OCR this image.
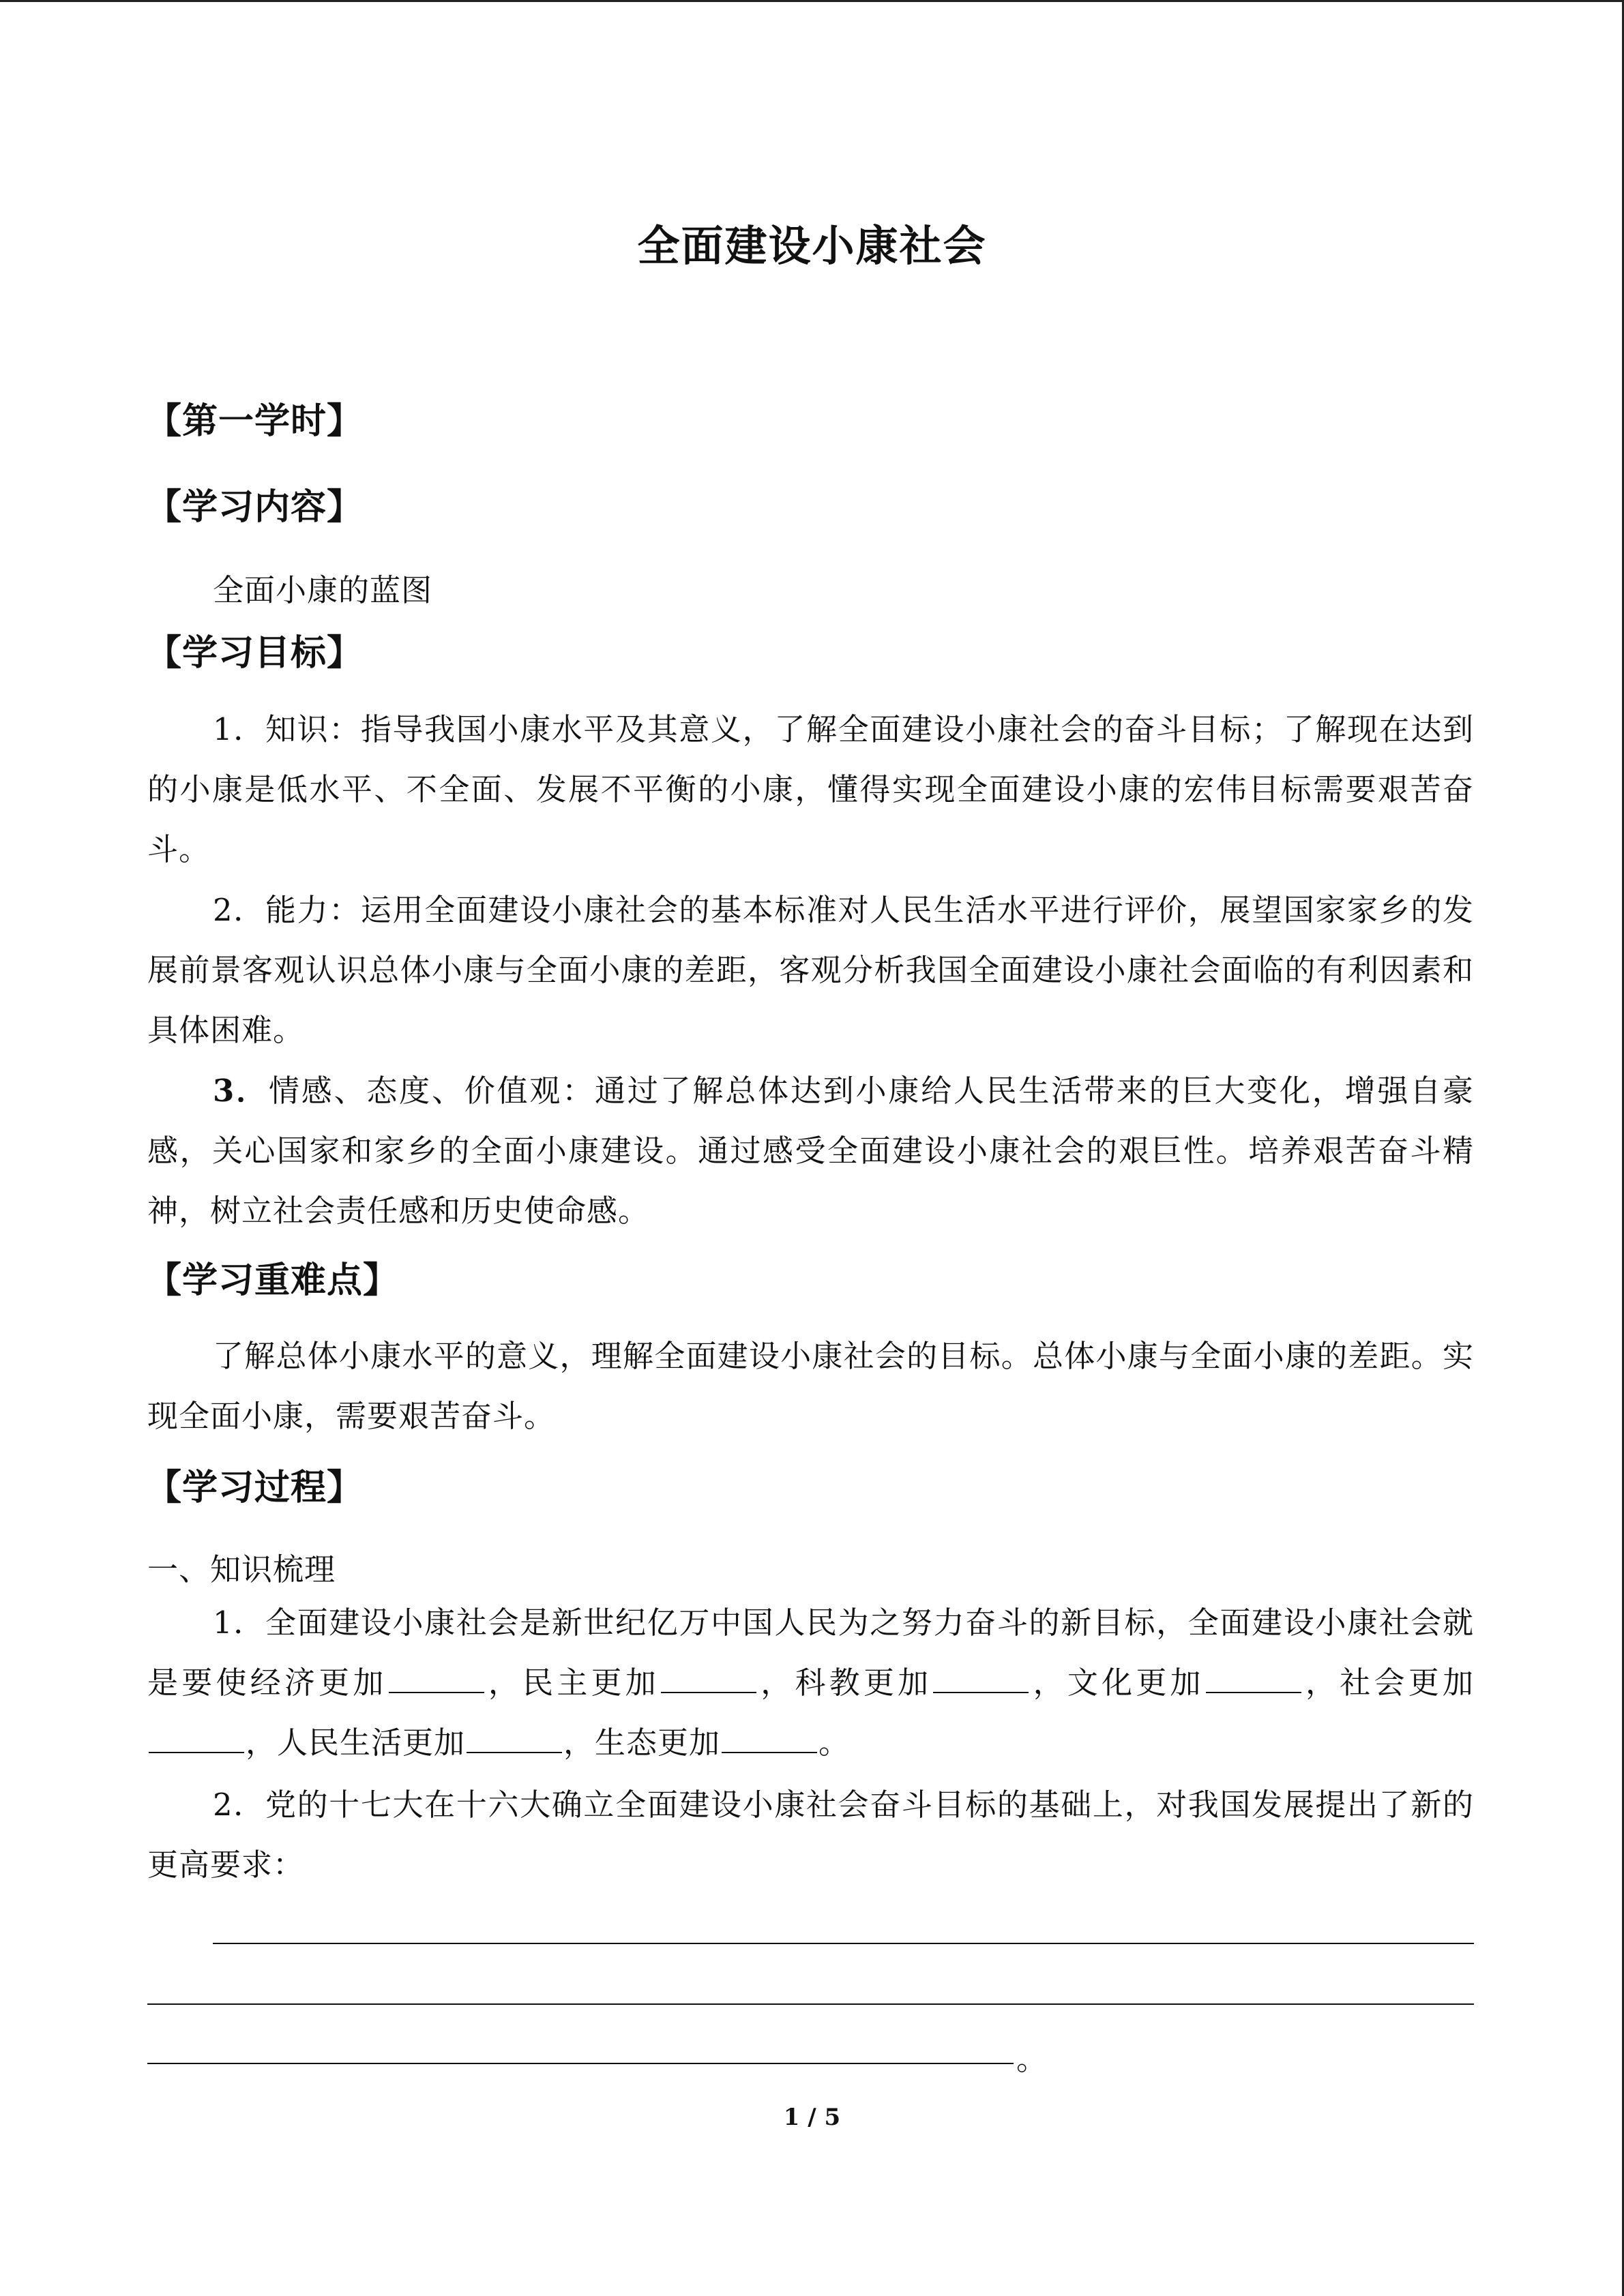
全面建设小康社会
【第一学时】
【学习内容】
全面小康的蓝图
【学习目标】
1．知识：指导我国小康水平及其意义，了解全面建设小康社会的奋斗目标；了解现在达到的小康是低水平、不全面、发展不平衡的小康，懂得实现全面建设小康的宏伟目标需要艰苦奋斗。
2．能力：运用全面建设小康社会的基本标准对人民生活水平进行评价，展望国家家乡的发展前景客观认识总体小康与全面小康的差距，客观分析我国全面建设小康社会面临的有利因素和具体困难。
3．情感、态度、价值观：通过了解总体达到小康给人民生活带来的巨大变化，增强自豪感，关心国家和家乡的全面小康建设。通过感受全面建设小康社会的艰巨性。培养艰苦奋斗精神，树立社会责任感和历史使命感。
【学习重难点】
了解总体小康水平的意义，理解全面建设小康社会的目标。总体小康与全面小康的差距。实现全面小康，需要艰苦奋斗。
【学习过程】
一、知识梳理
1．全面建设小康社会是新世纪亿万中国人民为之努力奋斗的新目标，全面建设小康社会就是要使经济更加	，民主更加	，科教更加	，文化更加	，社会更加，人民生活更加	，生态更加	。
2．党的十七大在十六大确立全面建设小康社会奋斗目标的基础上，对我国发展提出了新的更高要求：
。
1 / 5
